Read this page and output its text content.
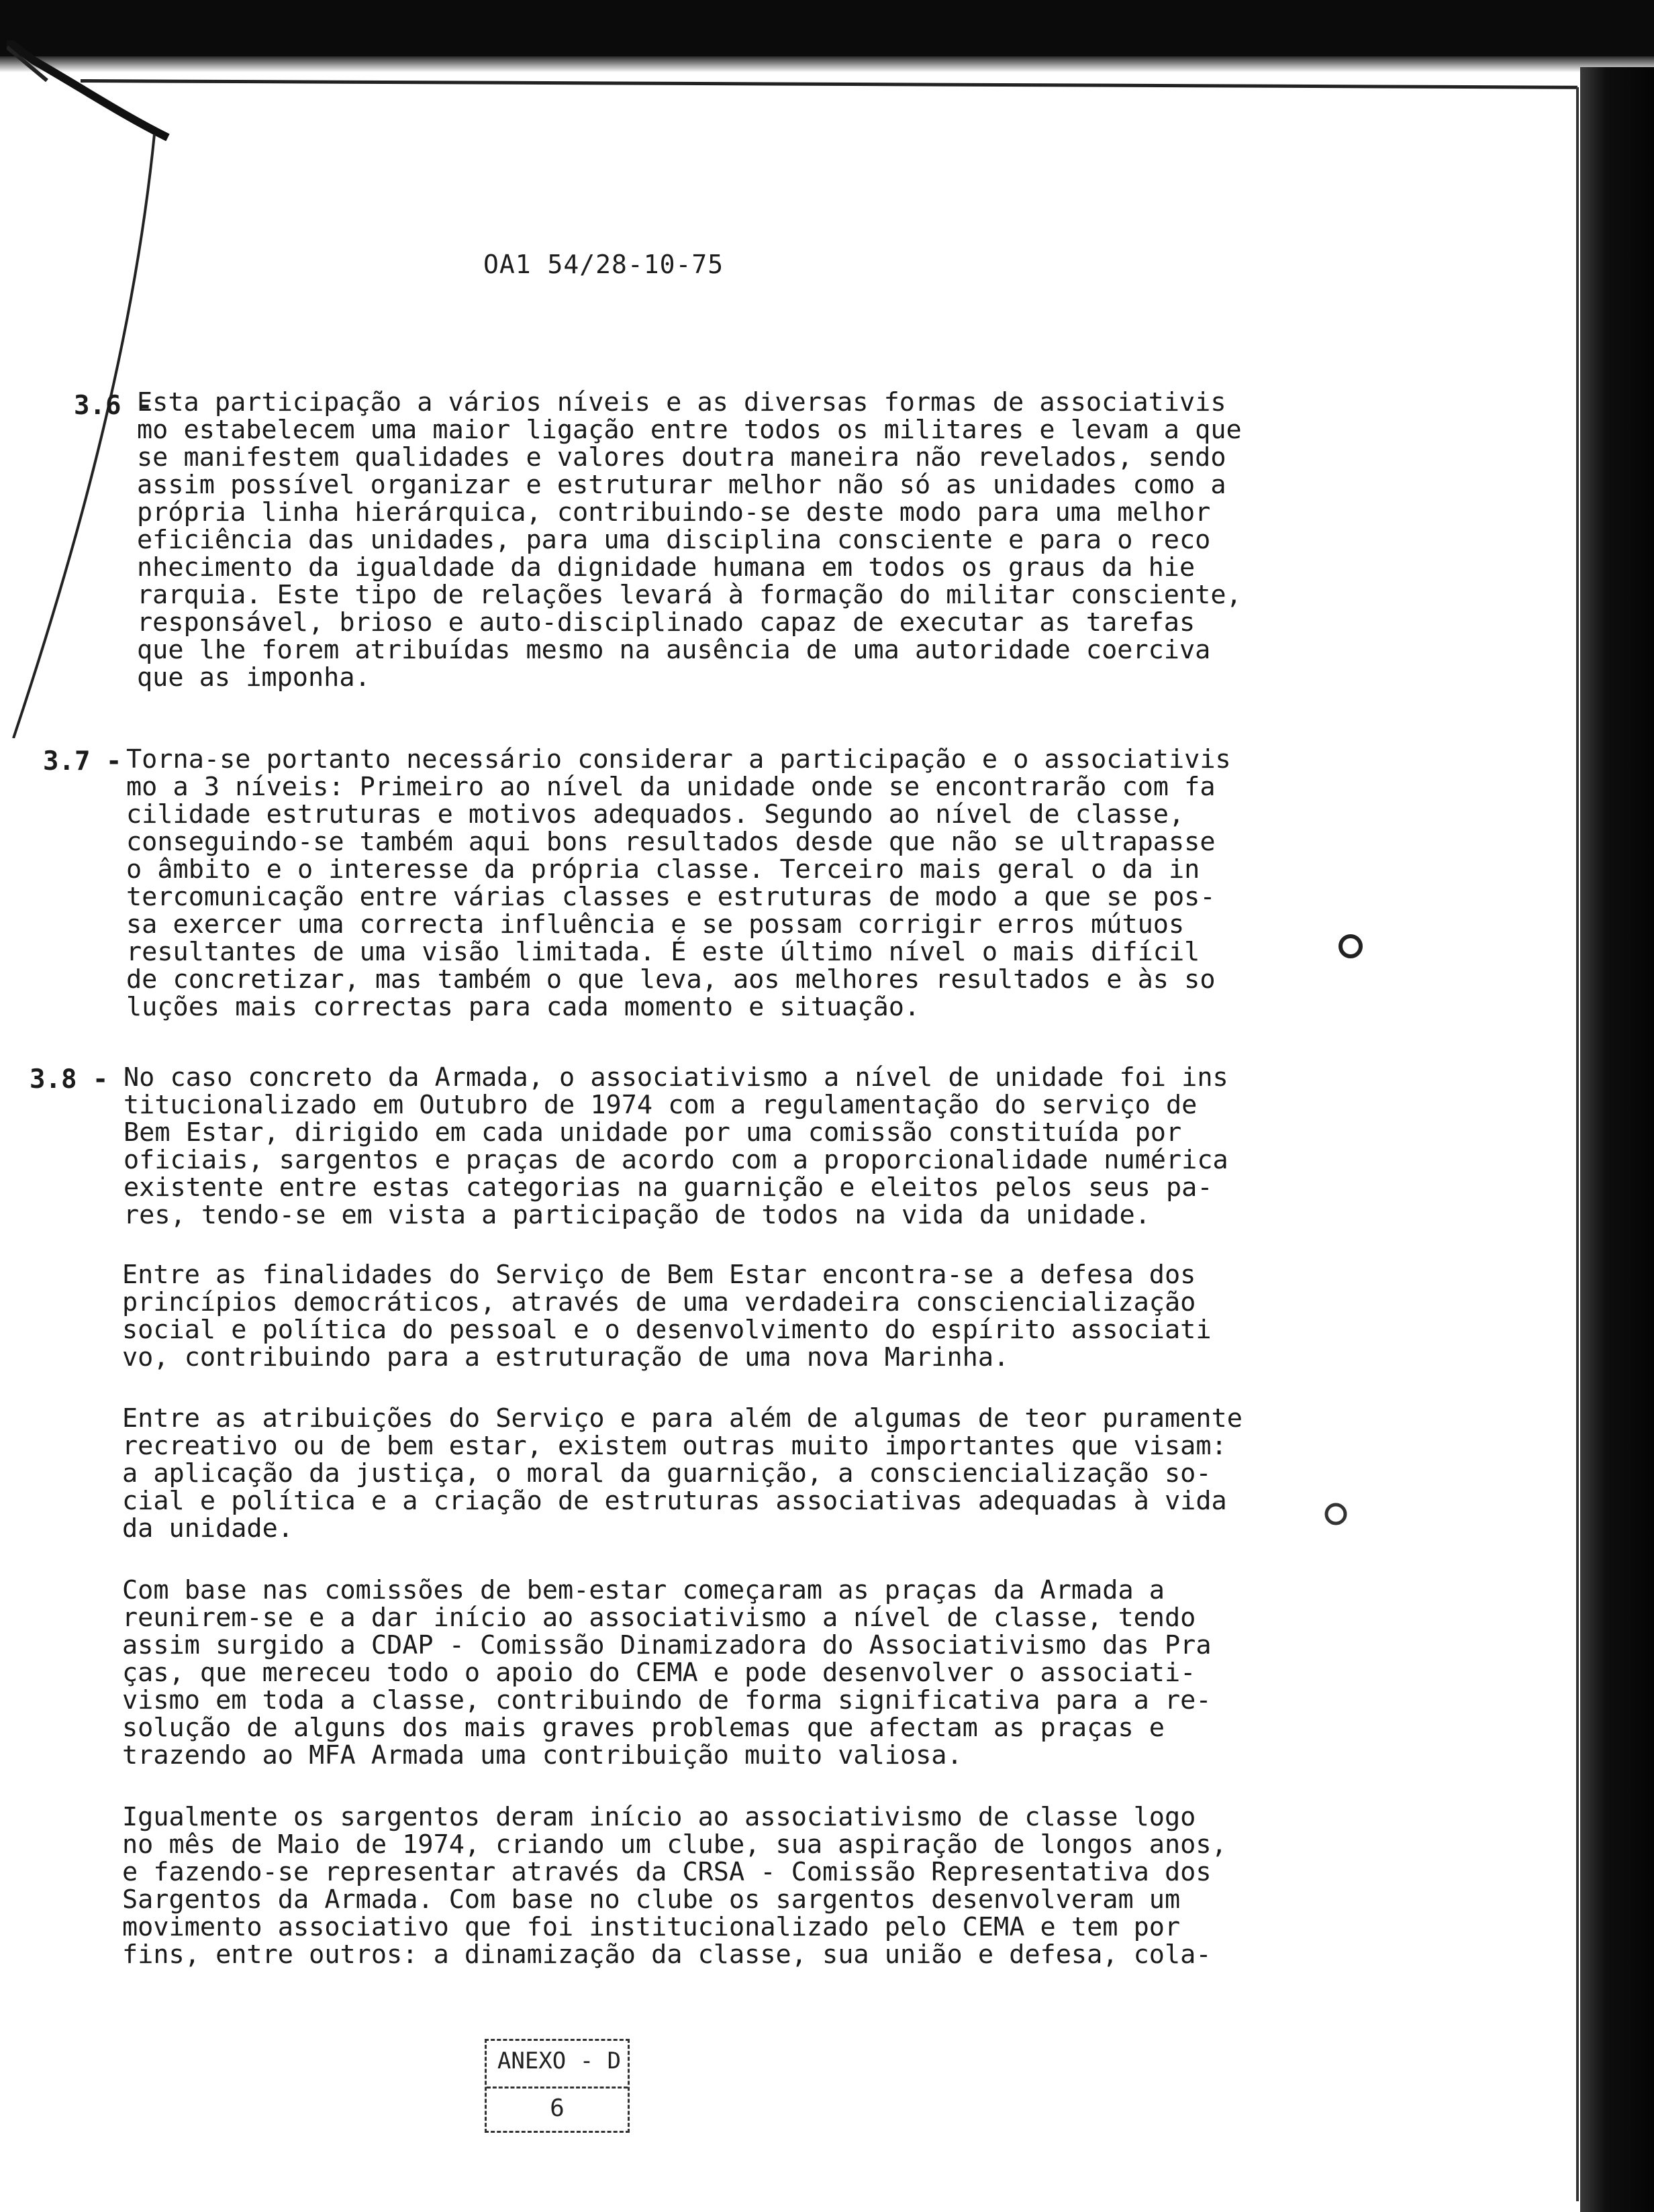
OA1 54/28-10-75
3.6 -
Esta participação a vários níveis e as diversas formas de associativis
mo estabelecem uma maior ligação entre todos os militares e levam a que
se manifestem qualidades e valores doutra maneira não revelados, sendo
assim possível organizar e estruturar melhor não só as unidades como a
própria linha hierárquica, contribuindo-se deste modo para uma melhor
eficiência das unidades, para uma disciplina consciente e para o reco
nhecimento da igualdade da dignidade humana em todos os graus da hie
rarquia. Este tipo de relações levará à formação do militar consciente,
responsável, brioso e auto-disciplinado capaz de executar as tarefas
que lhe forem atribuídas mesmo na ausência de uma autoridade coerciva
que as imponha.
3.7 - Torna-se portanto necessário considerar a participação e o associativis
mo a 3 níveis: Primeiro ao nível da unidade onde se encontrarão com fa
cilidade estruturas e motivos adequados. Segundo ao nível de classe,
conseguindo-se também aqui bons resultados desde que não se ultrapasse
o âmbito e o interesse da própria classe. Terceiro mais geral o da in
tercomunicação entre várias classes e estruturas de modo a que se pos-
sa exercer uma correcta influência e se possam corrigir erros mútuos
resultantes de uma visão limitada. É este último nível o mais difícil
de concretizar, mas também o que leva, aos melhores resultados e às so
luções mais correctas para cada momento e situação.
3.8 - No caso concreto da Armada, o associativismo a nível de unidade foi ins
titucionalizado em Outubro de 1974 com a regulamentação do serviço de
Bem Estar, dirigido em cada unidade por uma comissão constituída por
oficiais, sargentos e praças de acordo com a proporcionalidade numérica
existente entre estas categorias na guarnição e eleitos pelos seus pa-
res, tendo-se em vista a participação de todos na vida da unidade.
Entre as finalidades do Serviço de Bem Estar encontra-se a defesa dos
princípios democráticos, através de uma verdadeira consciencialização
social e política do pessoal e o desenvolvimento do espírito associati
vo, contribuindo para a estruturação de uma nova Marinha.
Entre as atribuições do Serviço e para além de algumas de teor puramente
recreativo ou de bem estar, existem outras muito importantes que visam:
a aplicação da justiça, o moral da guarnição, a consciencialização so-
cial e política e a criação de estruturas associativas adequadas à vida
da unidade.
Com base nas comissões de bem-estar começaram as praças da Armada a
reunirem-se e a dar início ao associativismo a nível de classe, tendo
assim surgido a CDAP - Comissão Dinamizadora do Associativismo das Pra
ças, que mereceu todo o apoio do CEMA e pode desenvolver o associati-
vismo em toda a classe, contribuindo de forma significativa para a re-
solução de alguns dos mais graves problemas que afectam as praças e
trazendo ao MFA Armada uma contribuição muito valiosa.
Igualmente os sargentos deram início ao associativismo de classe logo
no mês de Maio de 1974, criando um clube, sua aspiração de longos anos,
e fazendo-se representar através da CRSA - Comissão Representativa dos
Sargentos da Armada. Com base no clube os sargentos desenvolveram um
movimento associativo que foi institucionalizado pelo CEMA e tem por
fins, entre outros: a dinamização da classe, sua união e defesa, cola-
ANEXO - D
6
